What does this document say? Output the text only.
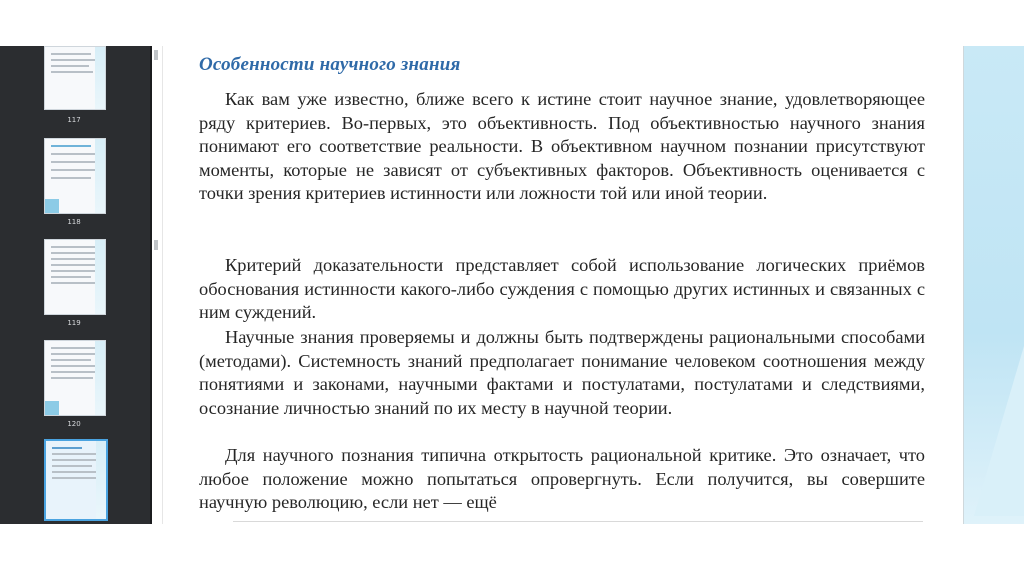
117
118
119
120
Особенности научного знания
Как вам уже известно, ближе всего к истине стоит научное знание, удовлетворяющее ряду критериев. Во-первых, это объективность. Под объективностью научного знания понимают его соответствие реальности. В объективном научном познании присутствуют моменты, которые не зависят от субъективных факторов. Объективность оценивается с точки зрения критериев истинности или ложности той или иной теории.
Критерий доказательности представляет собой использование логических приёмов обоснования истинности какого-либо суждения с помощью других истинных и связанных с ним суждений.
Научные знания проверяемы и должны быть подтверждены рациональными способами (методами). Системность знаний предполагает понимание человеком соотношения между понятиями и законами, научными фактами и постулатами, постулатами и следствиями, осознание личностью знаний по их месту в научной теории.
Для научного познания типична открытость рациональной критике. Это означает, что любое положение можно попытаться опровергнуть. Если получится, вы совершите научную революцию, если нет — ещё
